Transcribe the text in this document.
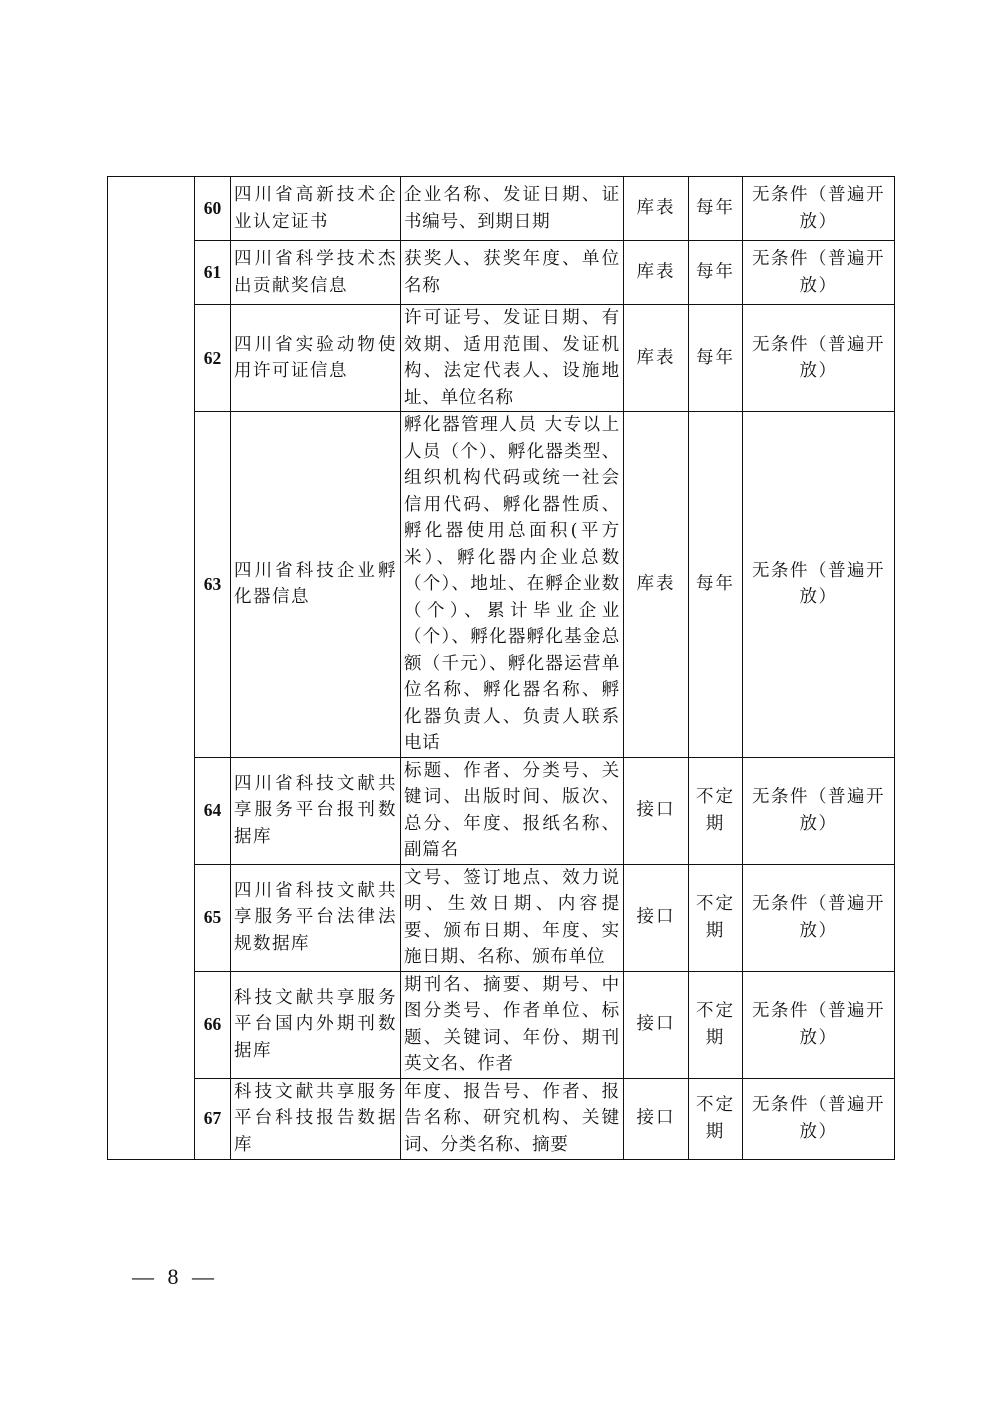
	60	四川省高新技术企业认定证书	企业名称、发证日期、证书编号、到期日期	库表	每年	无条件（普遍开放）
	61	四川省科学技术杰出贡献奖信息	获奖人、获奖年度、单位名称	库表	每年	无条件（普遍开放）
	62	四川省实验动物使用许可证信息	许可证号、发证日期、有效期、适用范围、发证机构、法定代表人、设施地址、单位名称	库表	每年	无条件（普遍开放）
	63	四川省科技企业孵化器信息	孵化器管理人员 大专以上人员（个）、孵化器类型、组织机构代码或统一社会信用代码、孵化器性质、孵化器使用总面积(平方米）、孵化器内企业总数（个）、地址、在孵企业数（个）、累计毕业企业（个）、孵化器孵化基金总额（千元）、孵化器运营单位名称、孵化器名称、孵化器负责人、负责人联系电话	库表	每年	无条件（普遍开放）
	64	四川省科技文献共享服务平台报刊数据库	标题、作者、分类号、关键词、出版时间、版次、总分、年度、报纸名称、副篇名	接口	不定期	无条件（普遍开放）
	65	四川省科技文献共享服务平台法律法规数据库	文号、签订地点、效力说明、生效日期、内容提要、颁布日期、年度、实施日期、名称、颁布单位	接口	不定期	无条件（普遍开放）
	66	科技文献共享服务平台国内外期刊数据库	期刊名、摘要、期号、中图分类号、作者单位、标题、关键词、年份、期刊英文名、作者	接口	不定期	无条件（普遍开放）
	67	科技文献共享服务平台科技报告数据库	年度、报告号、作者、报告名称、研究机构、关键词、分类名称、摘要	接口	不定期	无条件（普遍开放）
— 8 —
